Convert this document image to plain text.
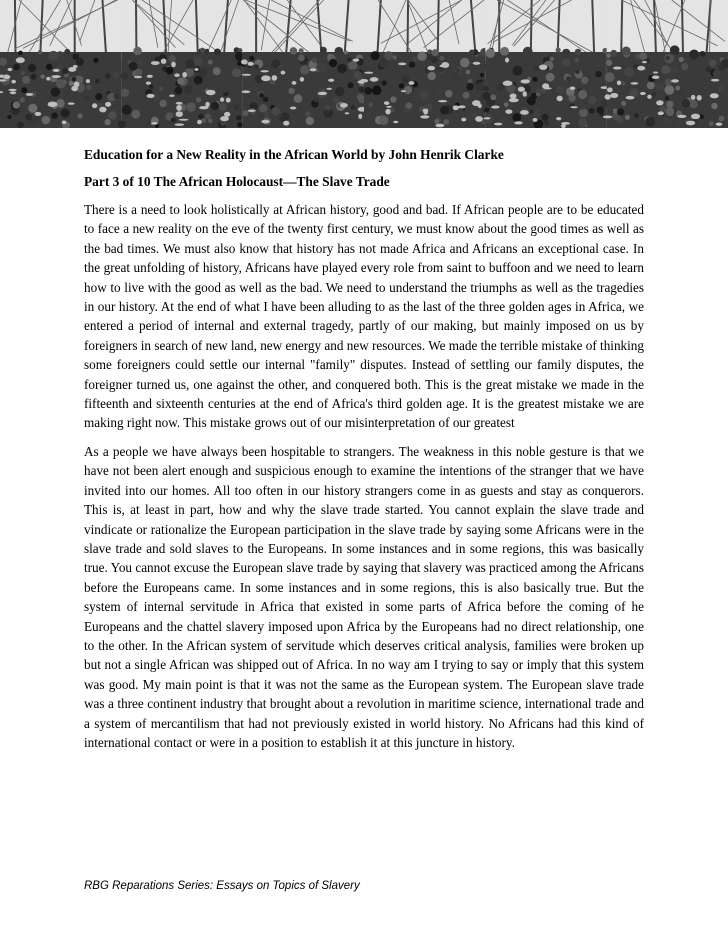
Education for a New Reality in the African World by John Henrik Clarke

Part 3 of 10 The African Holocaust—The Slave Trade

There is a need to look holistically at African history, good and bad. If African people are to be educated to face a new reality on the eve of the twenty first century, we must know about the good times as well as the bad times. We must also know that history has not made Africa and Africans an exceptional case. In the great unfolding of history, Africans have played every role from saint to buffoon and we need to learn how to live with the good as well as the bad. We need to understand the triumphs as well as the tragedies in our history. At the end of what I have been alluding to as the last of the three golden ages in Africa, we entered a period of internal and external tragedy, partly of our making, but mainly imposed on us by foreigners in search of new land, new energy and new resources. We made the terrible mistake of thinking some foreigners could settle our internal "family" disputes. Instead of settling our family disputes, the foreigner turned us, one against the other, and conquered both. This is the great mistake we made in the fifteenth and sixteenth centuries at the end of Africa's third golden age. It is the greatest mistake we are making right now. This mistake grows out of our misinterpretation of our greatest

As a people we have always been hospitable to strangers. The weakness in this noble gesture is that we have not been alert enough and suspicious enough to examine the intentions of the stranger that we have invited into our homes. All too often in our history strangers come in as guests and stay as conquerors. This is, at least in part, how and why the slave trade started. You cannot explain the slave trade and vindicate or rationalize the European participation in the slave trade by saying some Africans were in the slave trade and sold slaves to the Europeans. In some instances and in some regions, this was basically true. You cannot excuse the European slave trade by saying that slavery was practiced among the Africans before the Europeans came. In some instances and in some regions, this is also basically true. But the system of internal servitude in Africa that existed in some parts of Africa before the coming of he Europeans and the chattel slavery imposed upon Africa by the Europeans had no direct relationship, one to the other. In the African system of servitude which deserves critical analysis, families were broken up but not a single African was shipped out of Africa. In no way am I trying to say or imply that this system was good. My main point is that it was not the same as the European system. The European slave trade was a three continent industry that brought about a revolution in maritime science, international trade and a system of mercantilism that had not previously existed in world history. No Africans had this kind of international contact or were in a position to establish it at this juncture in history.

RBG Reparations Series: Essays on Topics of Slavery
